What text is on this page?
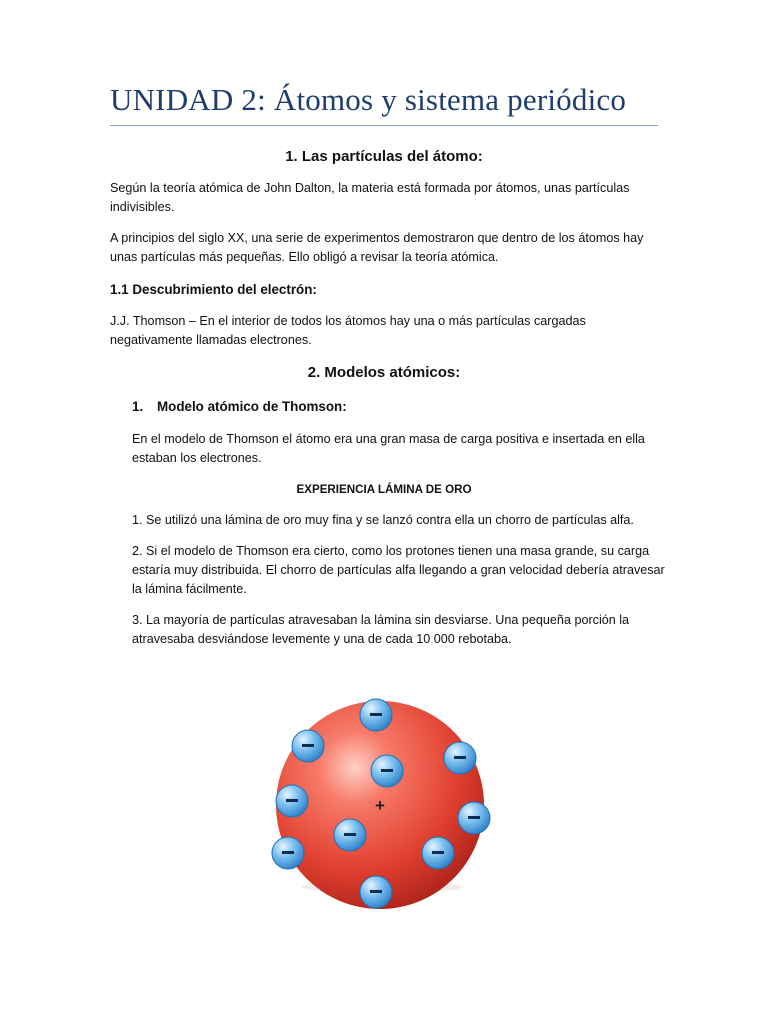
UNIDAD 2: Átomos y sistema periódico
1. Las partículas del átomo:
Según la teoría atómica de John Dalton, la materia está formada por átomos, unas partículas indivisibles.
A principios del siglo XX, una serie de experimentos demostraron que dentro de los átomos hay unas partículas más pequeñas. Ello obligó a revisar la teoría atómica.
1.1 Descubrimiento del electrón:
J.J. Thomson – En el interior de todos los átomos hay una o más partículas cargadas negativamente llamadas electrones.
2. Modelos atómicos:
1. Modelo atómico de Thomson:
En el modelo de Thomson el átomo era una gran masa de carga positiva e insertada en ella estaban los electrones.
EXPERIENCIA LÁMINA DE ORO
1. Se utilizó una lámina de oro muy fina y se lanzó contra ella un chorro de partículas alfa.
2. Si el modelo de Thomson era cierto, como los protones tienen una masa grande, su carga estaría muy distribuida. El chorro de partículas alfa llegando a gran velocidad debería atravesar la lámina fácilmente.
3. La mayoría de partículas atravesaban la lámina sin desviarse. Una pequeña porción la atravesaba desviándose levemente y una de cada 10 000 rebotaba.
+
